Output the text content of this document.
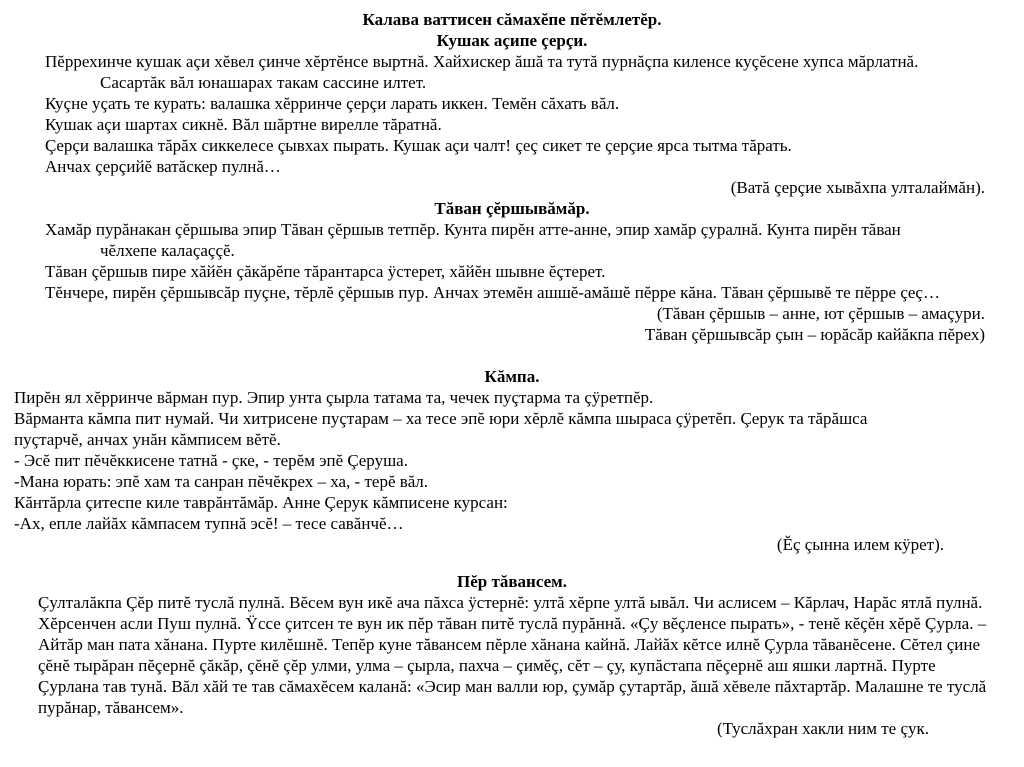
Калава ваттисен сăмахĕпе пĕтĕмлетĕр.

Кушак аçипе çерçи.

Пĕррехинче кушак аçи хĕвел çинче хĕртĕнсе выртнă. Хайхискер ăшă та тутă пурнăçпа киленсе куçĕсене хупса мăрлатнă.

Сасартăк вăл юнашарах такам сассине илтет.

Куçне уçать те курать: валашка хĕрринче çерçи ларать иккен. Темĕн сăхать вăл.

Кушак аçи шартах сикнĕ. Вăл шăртне вирелле тăратнă.

Çерçи валашка тăрăх сиккелесе çывхах пырать. Кушак аçи чалт! çеç сикет те çерçие ярса тытма тăрать.

Анчах çерçийĕ ватăскер пулнă…

(Ватă çерçие хывăхпа улталаймăн).

Тăван çĕршывăмăр.

Хамăр пурăнакан çĕршыва эпир Тăван çĕршыв тетпĕр. Кунта пирĕн атте-анне, эпир хамăр çуралнă. Кунта пирĕн тăван

чĕлхепе калаçаççĕ.

Тăван çĕршыв пире хăйĕн çăкăрĕпе тăрантарса ÿстерет, хăйĕн шывне ĕçтерет.

Тĕнчере, пирĕн çĕршывсăр пуçне, тĕрлĕ çĕршыв пур. Анчах этемĕн ашшĕ-амăшĕ пĕрре кăна. Тăван çĕршывĕ те пĕрре çеç…

(Тăван çĕршыв – анне, ют çĕршыв – амаçури.

Тăван çĕршывсăр çын – юрăсăр кайăкпа пĕрех)

Кăмпа.

Пирĕн ял хĕрринче вăрман пур. Эпир унта çырла татама та, чечек пуçтарма та çÿретпĕр.

Вăрманта кăмпа пит нумай. Чи хитрисене пуçтарам – ха тесе эпĕ юри хĕрлĕ кăмпа шыраса çÿретĕп. Çерук та тăрăшса

пуçтарчĕ, анчах унăн кăмписем вĕтĕ.

- Эсĕ пит пĕчĕккисене татнă - çке, - терĕм эпĕ Çеруша.

-Мана юрать: эпĕ хам та санран пĕчĕкрех – ха, - терĕ вăл.

Кăнтăрла çитеспе киле таврăнтăмăр. Анне Çерук кăмписене курсан:

-Ах, епле лайăх кăмпасем тупнă эсĕ! – тесе савăнчĕ…

(Ĕç çынна илем кÿрет).

Пĕр тăвансем.

Çулталăкпа Çĕр питĕ туслă пулнă. Вĕсем вун икĕ ача пăхса ÿстернĕ: ултă хĕрпе ултă ывăл. Чи аслисем – Кăрлач, Нарăс ятлă пулнă. Хĕрсенчен асли Пуш пулнă. Ÿссе çитсен те вун ик пĕр тăван питĕ туслă пурăннă. «Çу вĕçленсе пырать», - тенĕ кĕçĕн хĕрĕ Çурла. – Айтăр ман пата хăнана. Пурте килĕшнĕ. Тепĕр куне тăвансем пĕрле хăнана кайнă. Лайăх кĕтсе илнĕ Çурла тăванĕсене. Сĕтел çине çĕнĕ тырăран пĕçернĕ çăкăр, çĕнĕ çĕр улми, улма – çырла, пахча – çимĕç, сĕт – çу, купăстапа пĕçернĕ аш яшки лартнă. Пурте Çурлана тав тунă. Вăл хăй те тав сăмахĕсем каланă: «Эсир ман валли юр, çумăр çутартăр, ăшă хĕвеле пăхтартăр. Малашне те туслă пурăнар, тăвансем».

(Туслăхран хакли ним те çук.
